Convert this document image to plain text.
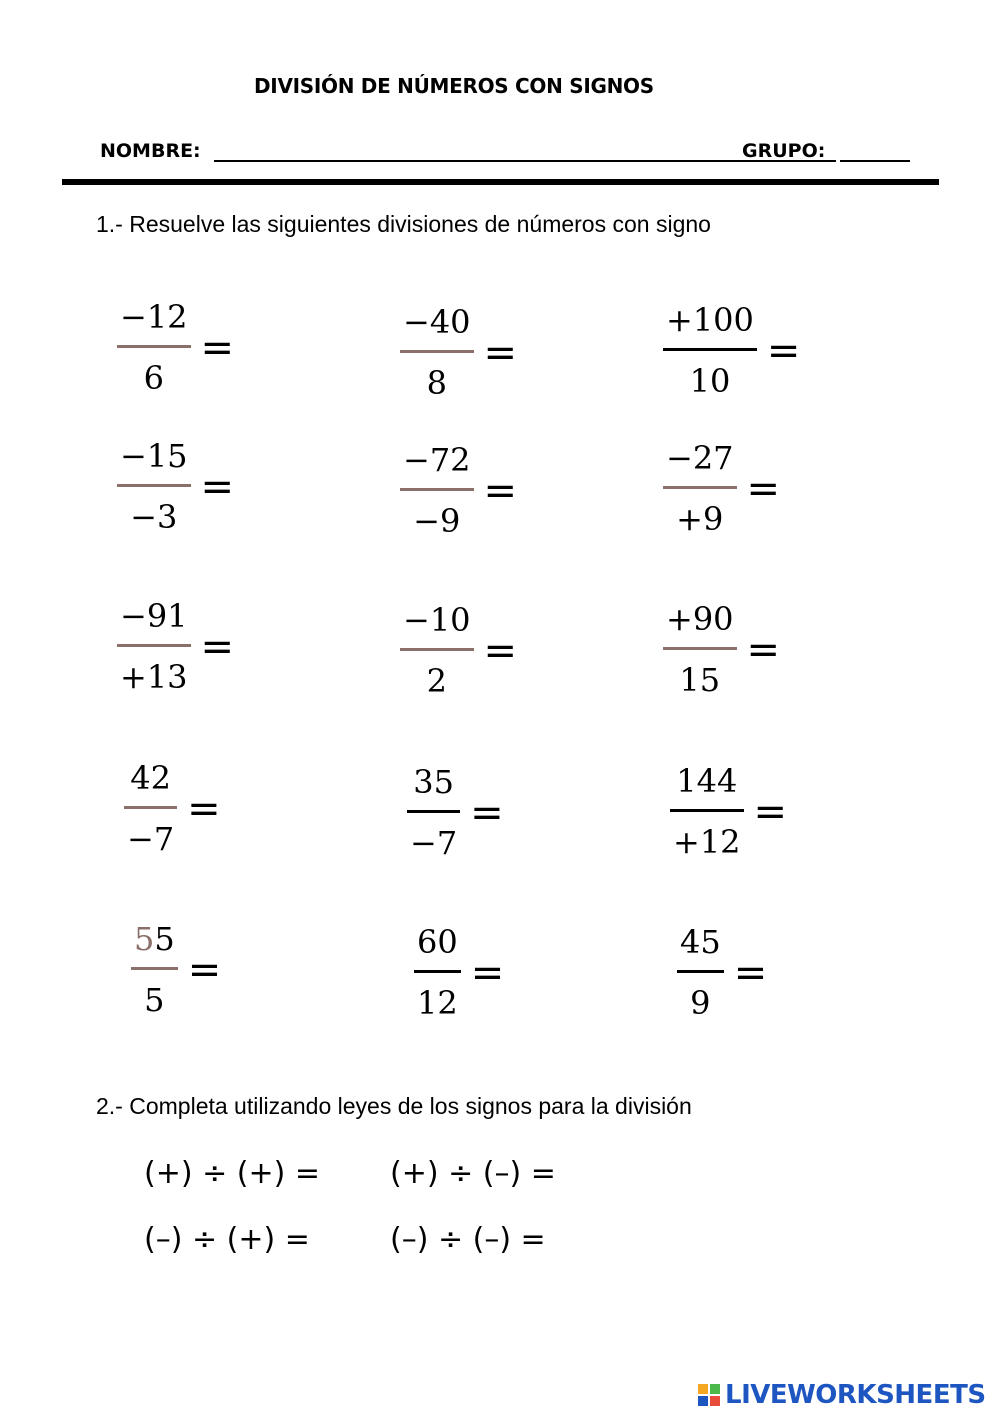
DIVISIÓN DE NÚMEROS CON SIGNOS
NOMBRE:	GRUPO:
1.- Resuelve las siguientes divisiones de números con signo
$\frac{-12}{6}$ =	$\frac{-40}{8}$ =	$\frac{+100}{10}$ =
$\frac{-15}{-3}$ =	$\frac{-72}{-9}$ =	$\frac{-27}{+9}$ =
$\frac{-91}{+13}$ =	$\frac{-10}{2}$ =	$\frac{+90}{15}$ =
$\frac{42}{-7}$ =	$\frac{35}{-7}$ =	$\frac{144}{+12}$ =
$\frac{55}{5}$ =	$\frac{60}{12}$ =	$\frac{45}{9}$ =
2.- Completa utilizando leyes de los signos para la división
(+) ÷ (+) = (+) ÷ (–) =
(–) ÷ (+) =	(–) ÷ (–) =
LIVEWORKSHEETS
